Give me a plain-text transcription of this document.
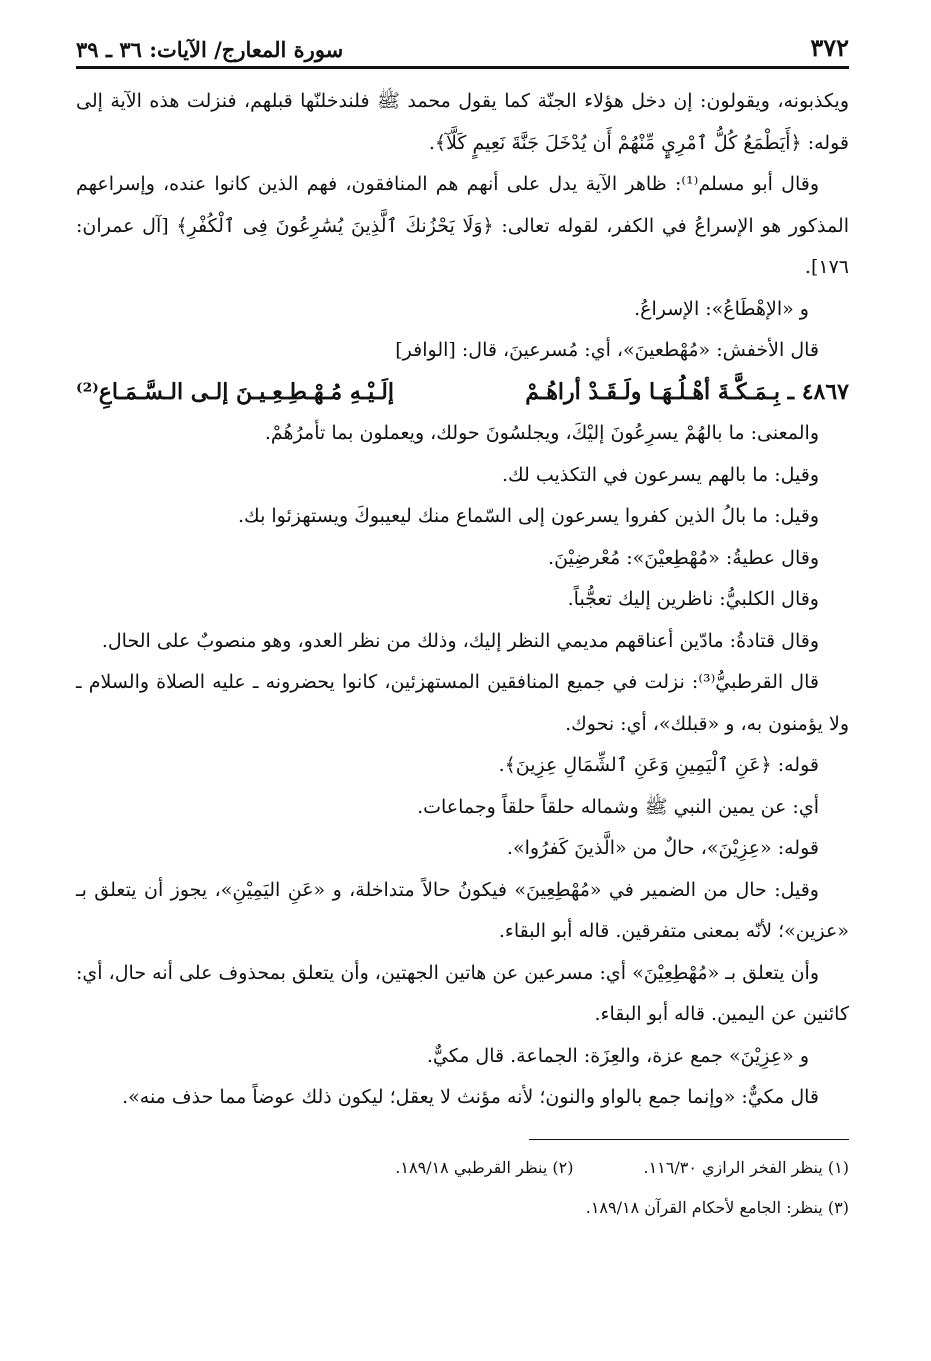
٣٧٢
سورة المعارج/ الآيات: ٣٦ ـ ٣٩

ويكذبونه، ويقولون: إن دخل هؤلاء الجنّة كما يقول محمد ﷺ فلندخلنّها قبلهم، فنزلت هذه الآية إلى قوله: ﴿أَيَطْمَعُ كُلُّ ٱمْرِيٍٕ مِّنْهُمْ أَن يُدْخَلَ جَنَّةَ نَعِيمٍ كَلَّآ﴾.

وقال أبو مسلم⁽¹⁾: ظاهر الآية يدل على أنهم هم المنافقون، فهم الذين كانوا عنده، وإسراعهم المذكور هو الإسراعُ في الكفر، لقوله تعالى: ﴿وَلَا يَحْزُنكَ ٱلَّذِينَ يُسَٰرِعُونَ فِى ٱلْكُفْرِ﴾ [آل عمران: ١٧٦].

و «الإهْطَاعُ»: الإسراعُ.

قال الأخفش: «مُهْطعينَ»، أي: مُسرعينَ، قال: [الوافر]

٤٨٦٧ ـ بِـمَـكَّـةَ أهْـلُـهَـا ولَـقَـدْ أراهُـمْ
إلَـيْـهِ مُـهْـطِـعِـيـنَ إلـى الـسَّـمَـاعِ⁽²⁾

والمعنى: ما بالهُمْ يسرِعُونَ إليْكَ، ويجلسُونَ حولك، ويعملون بما تأمرُهُمْ.

وقيل: ما بالهم يسرعون في التكذيب لك.

وقيل: ما بالُ الذين كفروا يسرعون إلى السّماع منك ليعيبوكَ ويستهزئوا بك.

وقال عطيةُ: «مُهْطِعيْنَ»: مُعْرضِيْنَ.

وقال الكلبيُّ: ناظرين إليك تعجُّباً.

وقال قتادةُ: مادّين أعناقهم مديمي النظر إليك، وذلك من نظر العدو، وهو منصوبٌ على الحال.

قال القرطبيُّ⁽³⁾: نزلت في جميع المنافقين المستهزئين، كانوا يحضرونه ـ عليه الصلاة والسلام ـ ولا يؤمنون به، و «قبلك»، أي: نحوك.

قوله: ﴿عَنِ ٱلْيَمِينِ وَعَنِ ٱلشِّمَالِ عِزِينَ﴾.

أي: عن يمين النبي ﷺ وشماله حلقاً حلقاً وجماعات.

قوله: «عِزِيْنَ»، حالٌ من «الَّذينَ كَفرُوا».

وقيل: حال من الضمير في «مُهْطِعِينَ» فيكونُ حالاً متداخلة، و «عَنِ اليَمِيْنِ»، يجوز أن يتعلق بـ «عزين»؛ لأنّه بمعنى متفرقين. قاله أبو البقاء.

وأن يتعلق بـ «مُهْطِعِيْنَ» أي: مسرعين عن هاتين الجهتين، وأن يتعلق بمحذوف على أنه حال، أي: كائنين عن اليمين. قاله أبو البقاء.

و «عِزِيْنَ» جمع عزة، والعِزَة: الجماعة. قال مكيٌّ.

قال مكيٌّ: «وإنما جمع بالواو والنون؛ لأنه مؤنث لا يعقل؛ ليكون ذلك عوضاً مما حذف منه».

(١) ينظر الفخر الرازي ١١٦/٣٠.
(٢) ينظر القرطبي ١٨٩/١٨.
(٣) ينظر: الجامع لأحكام القرآن ١٨٩/١٨.
